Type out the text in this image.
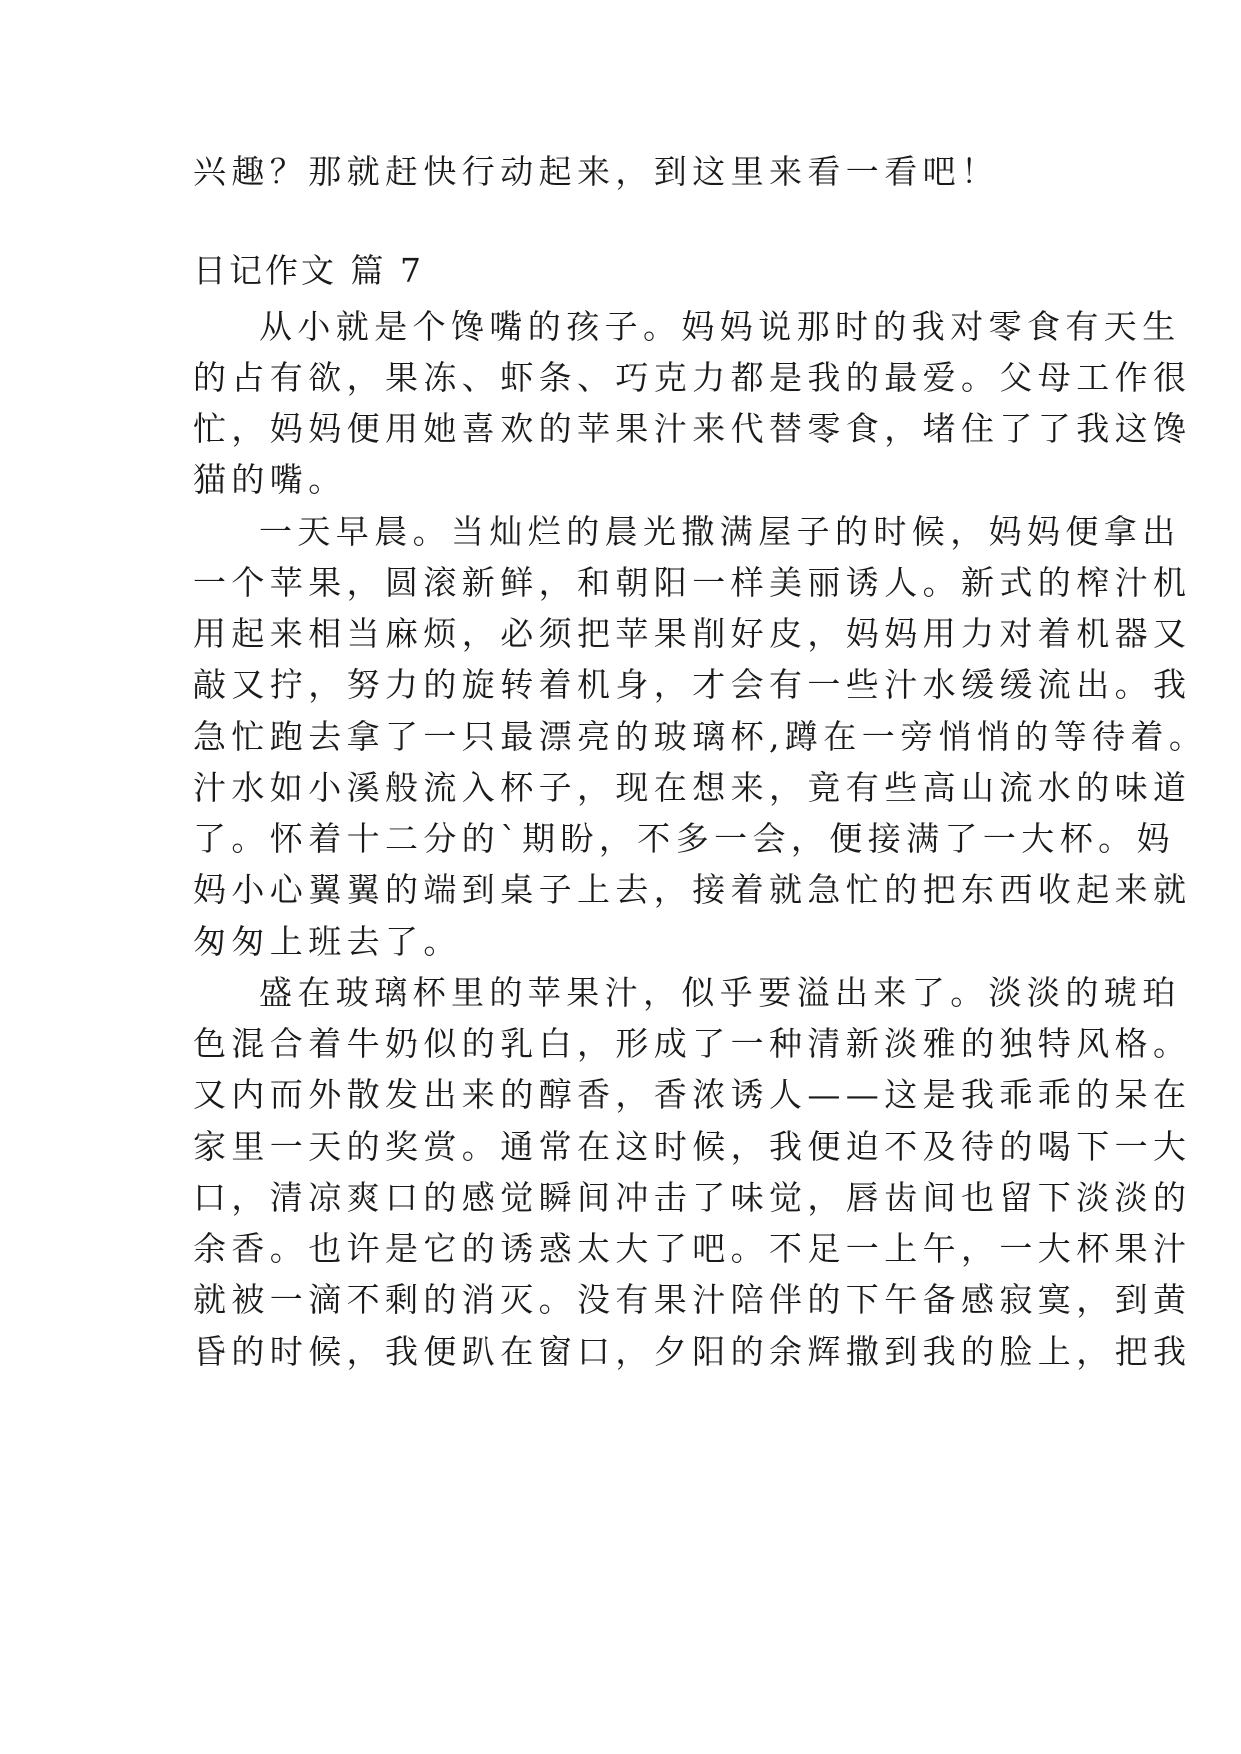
兴趣？那就赶快行动起来，到这里来看一看吧！

日记作文 篇 7

从小就是个馋嘴的孩子。妈妈说那时的我对零食有天生

的占有欲，果冻、虾条、巧克力都是我的最爱。父母工作很

忙，妈妈便用她喜欢的苹果汁来代替零食，堵住了了我这馋

猫的嘴。

一天早晨。当灿烂的晨光撒满屋子的时候，妈妈便拿出

一个苹果，圆滚新鲜，和朝阳一样美丽诱人。新式的榨汁机

用起来相当麻烦，必须把苹果削好皮，妈妈用力对着机器又

敲又拧，努力的旋转着机身，才会有一些汁水缓缓流出。我

急忙跑去拿了一只最漂亮的玻璃杯,蹲在一旁悄悄的等待着。

汁水如小溪般流入杯子，现在想来，竟有些高山流水的味道

了。怀着十二分的`期盼，不多一会，便接满了一大杯。妈

妈小心翼翼的端到桌子上去，接着就急忙的把东西收起来就

匆匆上班去了。

盛在玻璃杯里的苹果汁，似乎要溢出来了。淡淡的琥珀

色混合着牛奶似的乳白，形成了一种清新淡雅的独特风格。

又内而外散发出来的醇香，香浓诱人——这是我乖乖的呆在

家里一天的奖赏。通常在这时候，我便迫不及待的喝下一大

口，清凉爽口的感觉瞬间冲击了味觉，唇齿间也留下淡淡的

余香。也许是它的诱惑太大了吧。不足一上午，一大杯果汁

就被一滴不剩的消灭。没有果汁陪伴的下午备感寂寞，到黄

昏的时候，我便趴在窗口，夕阳的余辉撒到我的脸上，把我
